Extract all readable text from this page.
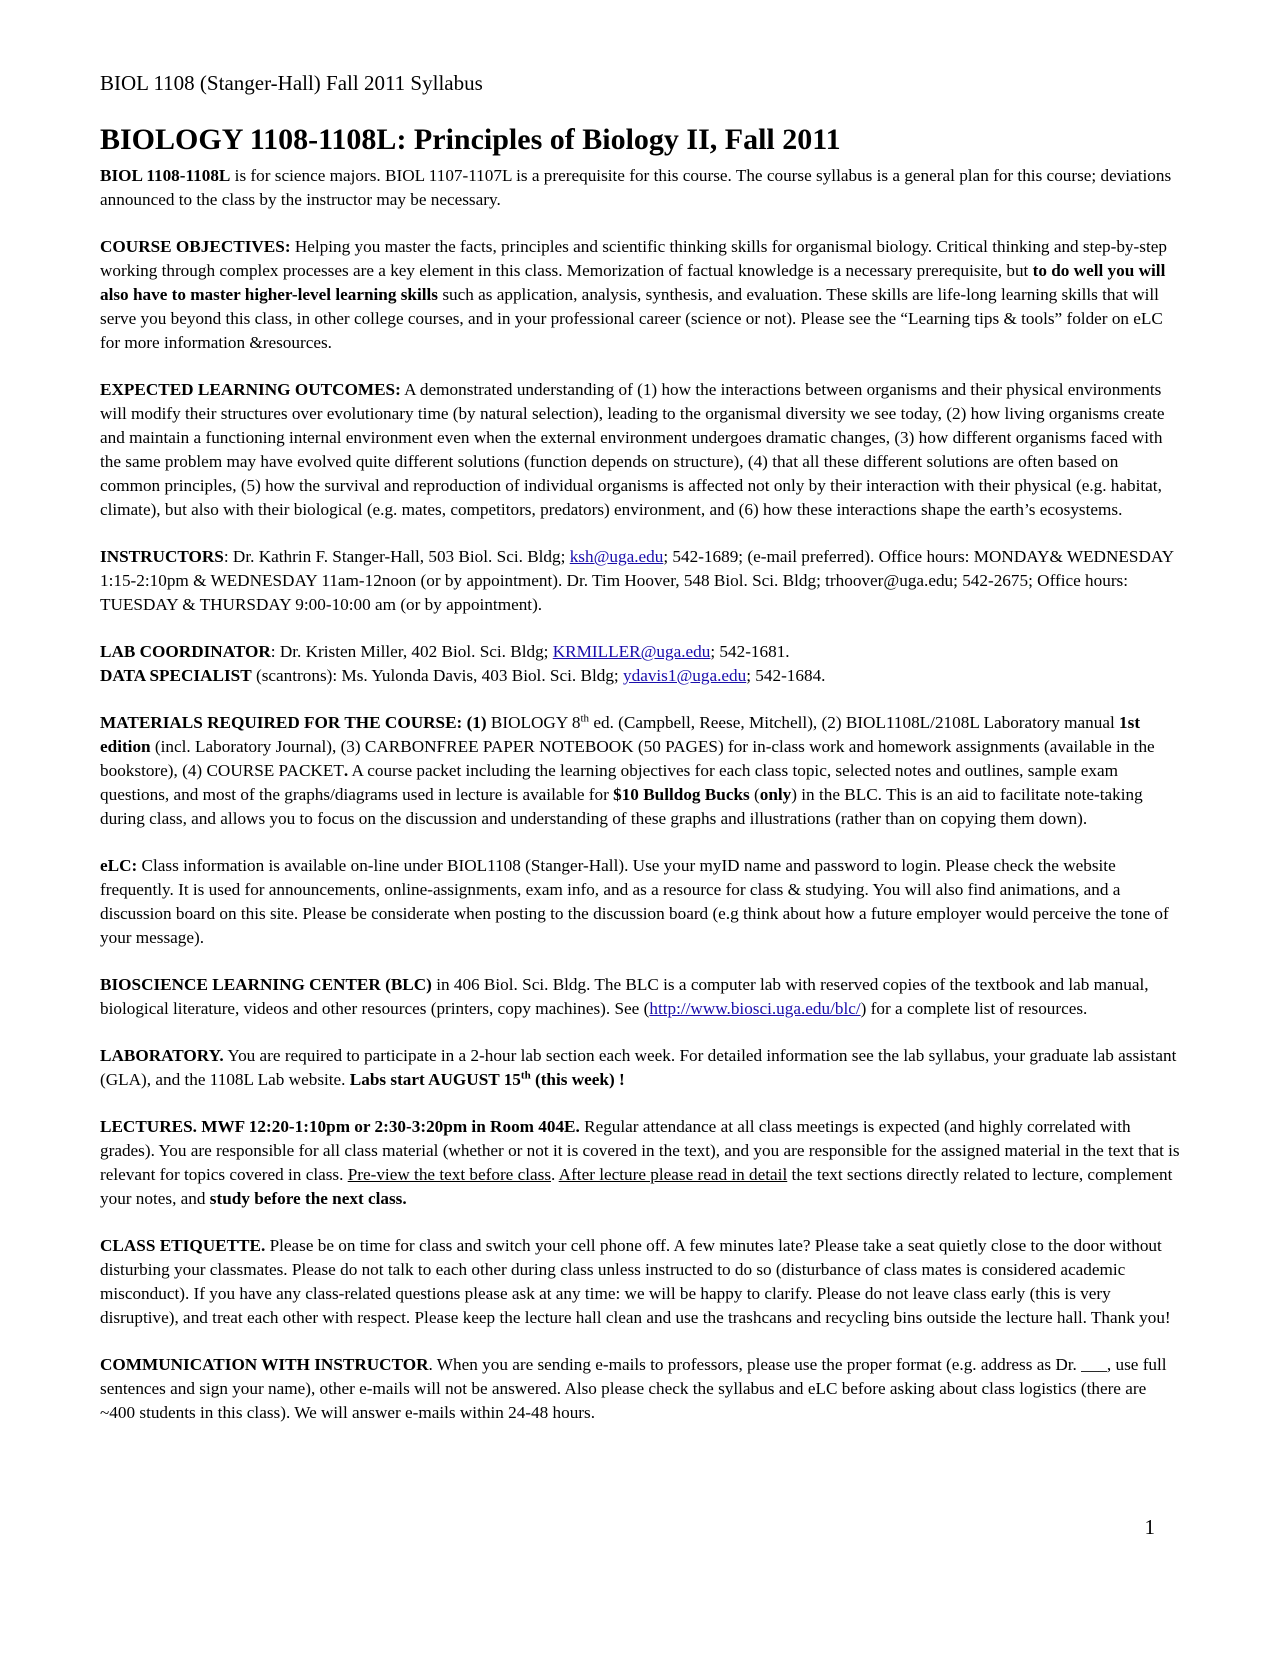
BIOL 1108 (Stanger-Hall) Fall 2011 Syllabus
BIOLOGY 1108-1108L: Principles of Biology II, Fall 2011

BIOL 1108-1108L is for science majors. BIOL 1107-1107L is a prerequisite for this course. The course syllabus is a general plan for this course; deviations announced to the class by the instructor may be necessary.

COURSE OBJECTIVES: Helping you master the facts, principles and scientific thinking skills for organismal biology. Critical thinking and step-by-step working through complex processes are a key element in this class. Memorization of factual knowledge is a necessary prerequisite, but to do well you will also have to master higher-level learning skills such as application, analysis, synthesis, and evaluation. These skills are life-long learning skills that will serve you beyond this class, in other college courses, and in your professional career (science or not). Please see the “Learning tips & tools” folder on eLC for more information &resources.

EXPECTED LEARNING OUTCOMES: A demonstrated understanding of (1) how the interactions between organisms and their physical environments will modify their structures over evolutionary time (by natural selection), leading to the organismal diversity we see today, (2) how living organisms create and maintain a functioning internal environment even when the external environment undergoes dramatic changes, (3) how different organisms faced with the same problem may have evolved quite different solutions (function depends on structure), (4) that all these different solutions are often based on common principles, (5) how the survival and reproduction of individual organisms is affected not only by their interaction with their physical (e.g. habitat, climate), but also with their biological (e.g. mates, competitors, predators) environment, and (6) how these interactions shape the earth’s ecosystems.

INSTRUCTORS: Dr. Kathrin F. Stanger-Hall, 503 Biol. Sci. Bldg; ksh@uga.edu; 542-1689; (e-mail preferred). Office hours: MONDAY& WEDNESDAY 1:15-2:10pm & WEDNESDAY 11am-12noon (or by appointment). Dr. Tim Hoover, 548 Biol. Sci. Bldg; trhoover@uga.edu; 542-2675; Office hours: TUESDAY & THURSDAY 9:00-10:00 am (or by appointment).

LAB COORDINATOR: Dr. Kristen Miller, 402 Biol. Sci. Bldg; KRMILLER@uga.edu; 542-1681.

DATA SPECIALIST (scantrons): Ms. Yulonda Davis, 403 Biol. Sci. Bldg; ydavis1@uga.edu; 542-1684.

MATERIALS REQUIRED FOR THE COURSE: (1) BIOLOGY 8th ed. (Campbell, Reese, Mitchell), (2) BIOL1108L/2108L Laboratory manual 1st edition (incl. Laboratory Journal), (3) CARBONFREE PAPER NOTEBOOK (50 PAGES) for in-class work and homework assignments (available in the bookstore), (4) COURSE PACKET. A course packet including the learning objectives for each class topic, selected notes and outlines, sample exam questions, and most of the graphs/diagrams used in lecture is available for $10 Bulldog Bucks (only) in the BLC. This is an aid to facilitate note-taking during class, and allows you to focus on the discussion and understanding of these graphs and illustrations (rather than on copying them down).

eLC: Class information is available on-line under BIOL1108 (Stanger-Hall). Use your myID name and password to login. Please check the website frequently. It is used for announcements, online-assignments, exam info, and as a resource for class & studying. You will also find animations, and a discussion board on this site. Please be considerate when posting to the discussion board (e.g think about how a future employer would perceive the tone of your message).

BIOSCIENCE LEARNING CENTER (BLC) in 406 Biol. Sci. Bldg. The BLC is a computer lab with reserved copies of the textbook and lab manual, biological literature, videos and other resources (printers, copy machines). See (http://www.biosci.uga.edu/blc/) for a complete list of resources.

LABORATORY. You are required to participate in a 2-hour lab section each week. For detailed information see the lab syllabus, your graduate lab assistant (GLA), and the 1108L Lab website. Labs start AUGUST 15th (this week) !

LECTURES. MWF 12:20-1:10pm or 2:30-3:20pm in Room 404E. Regular attendance at all class meetings is expected (and highly correlated with grades). You are responsible for all class material (whether or not it is covered in the text), and you are responsible for the assigned material in the text that is relevant for topics covered in class. Pre-view the text before class. After lecture please read in detail the text sections directly related to lecture, complement your notes, and study before the next class.

CLASS ETIQUETTE. Please be on time for class and switch your cell phone off. A few minutes late? Please take a seat quietly close to the door without disturbing your classmates. Please do not talk to each other during class unless instructed to do so (disturbance of class mates is considered academic misconduct). If you have any class-related questions please ask at any time: we will be happy to clarify. Please do not leave class early (this is very disruptive), and treat each other with respect. Please keep the lecture hall clean and use the trashcans and recycling bins outside the lecture hall. Thank you!

COMMUNICATION WITH INSTRUCTOR. When you are sending e-mails to professors, please use the proper format (e.g. address as Dr. ___, use full sentences and sign your name), other e-mails will not be answered. Also please check the syllabus and eLC before asking about class logistics (there are ~400 students in this class). We will answer e-mails within 24-48 hours.

1
